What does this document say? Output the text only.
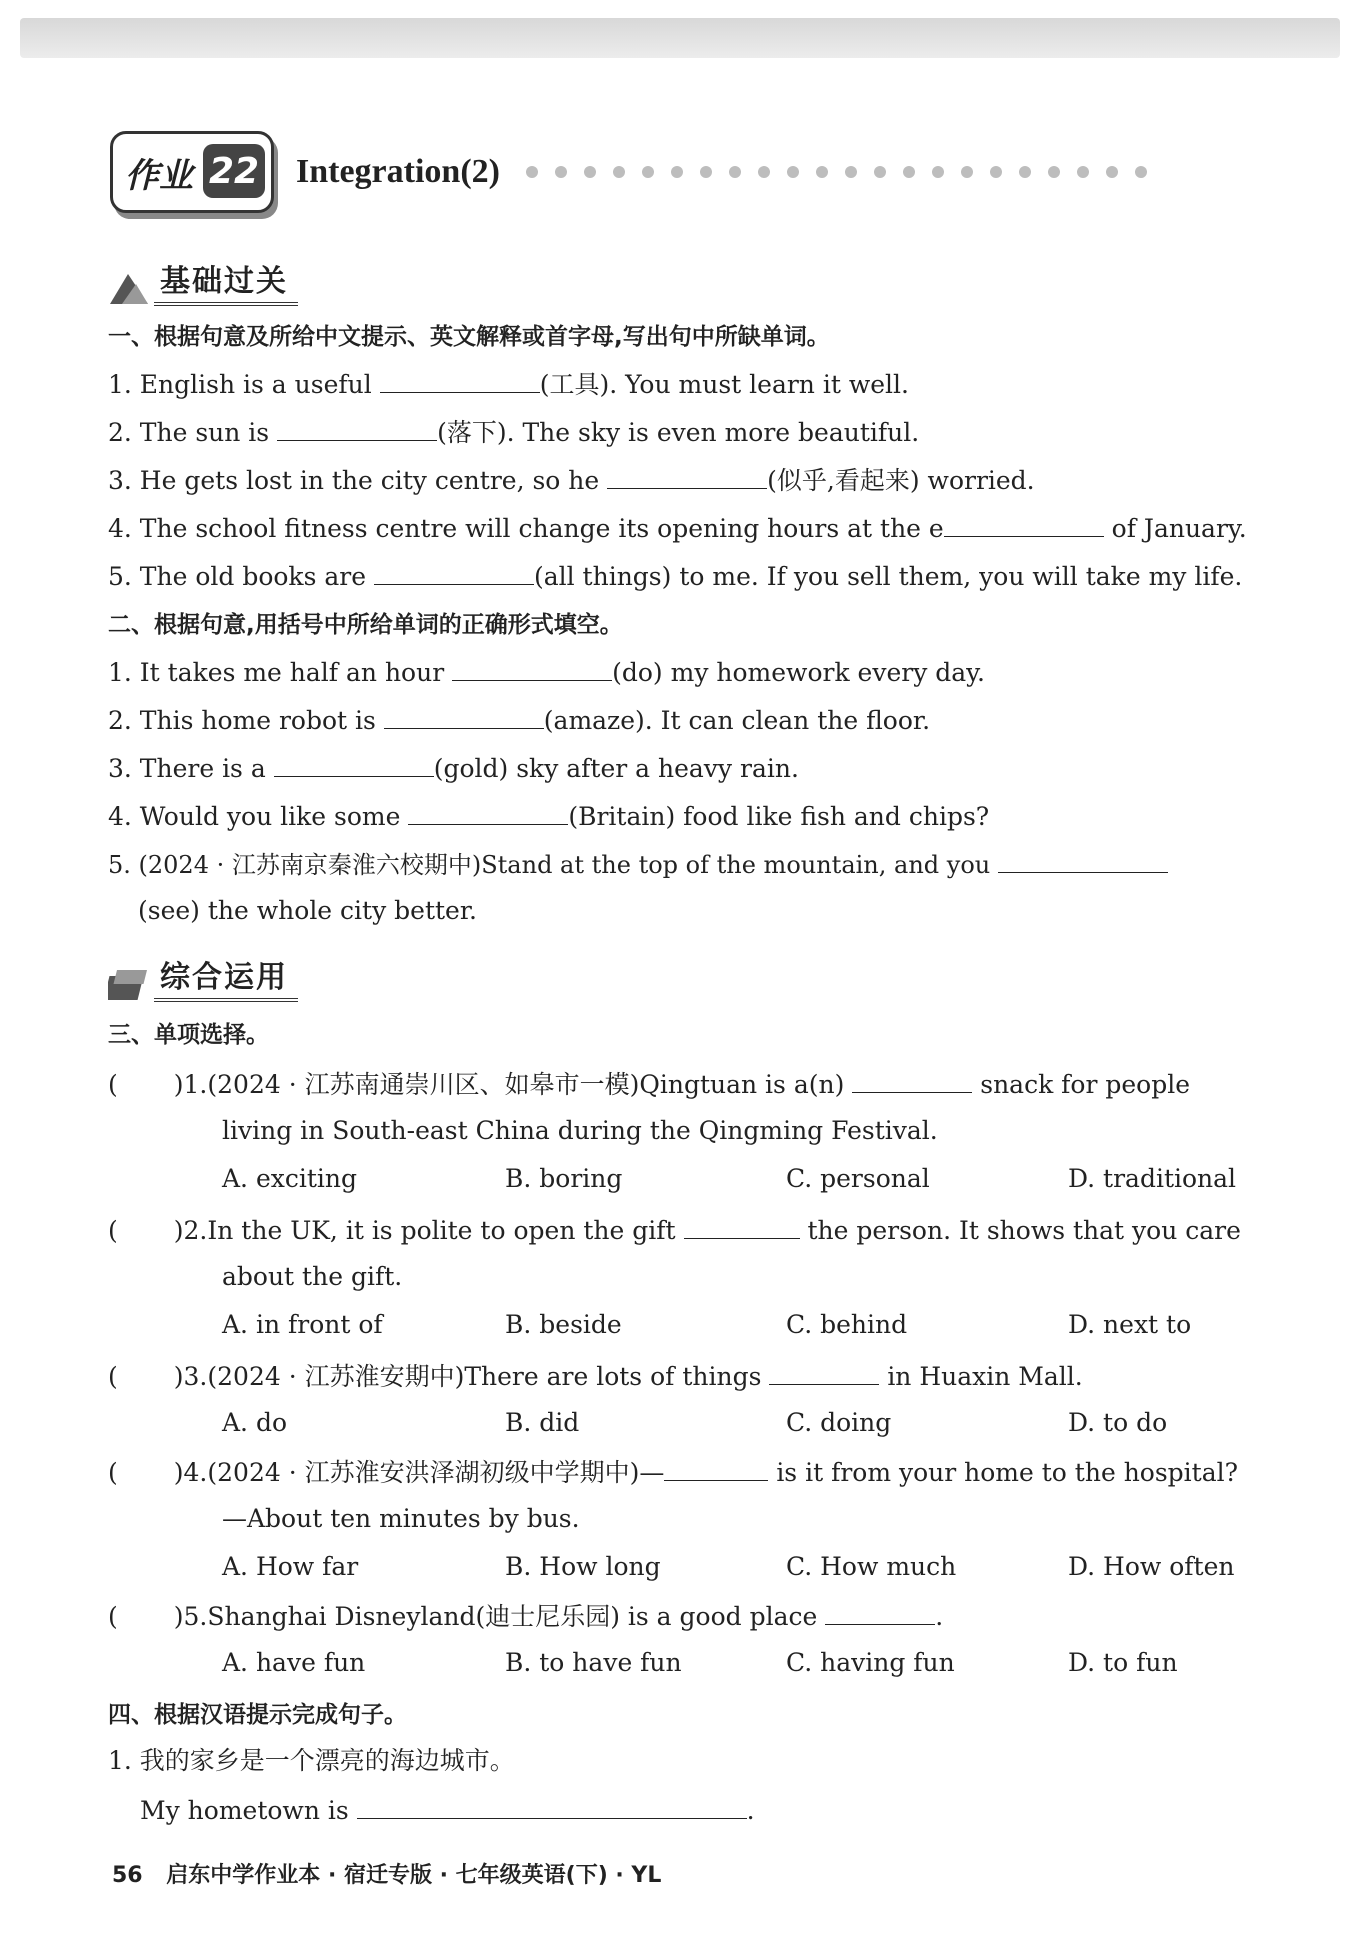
作业 22 Integration(2)
基础过关
一、根据句意及所给中文提示、英文解释或首字母,写出句中所缺单词。
1. English is a useful	(工具). You must learn it well.
2. The sun is	(落下). The sky is even more beautiful.
3. He gets lost in the city centre, so he	(似乎,看起来) worried.
4. The school fitness centre will change its opening hours at the e	of January.
5. The old books are	(all things) to me. If you sell them, you will take my life.
二、根据句意,用括号中所给单词的正确形式填空。
1. It takes me half an hour	(do) my homework every day.
2. This home robot is	(amaze). It can clean the floor.
3. There is a	(gold) sky after a heavy rain.
4. Would you like some	(Britain) food like fish and chips?
5. (2024 · 江苏南京秦淮六校期中)Stand at the top of the mountain, and you
(see) the whole city better.
综合运用
三、单项选择。
( )1.(2024 · 江苏南通崇川区、如皋市一模)Qingtuan is a(n)	snack for people
living in South-east China during the Qingming Festival.
A. exciting	B. boring	C. personal	D. traditional
( )2.In the UK, it is polite to open the gift	the person. It shows that you care
about the gift.
A. in front of	B. beside	C. behind	D. next to
( )3.(2024 · 江苏淮安期中)There are lots of things	in Huaxin Mall.
A. do	B. did	C. doing	D. to do
( )4.(2024 · 江苏淮安洪泽湖初级中学期中)—	is it from your home to the hospital?
—About ten minutes by bus.
A. How far	B. How long	C. How much	D. How often
( )5.Shanghai Disneyland(迪士尼乐园) is a good place	.
A. have fun	B. to have fun	C. having fun	D. to fun
四、根据汉语提示完成句子。
1. 我的家乡是一个漂亮的海边城市。
My hometown is	.
56 启东中学作业本 · 宿迁专版 · 七年级英语(下) · YL
